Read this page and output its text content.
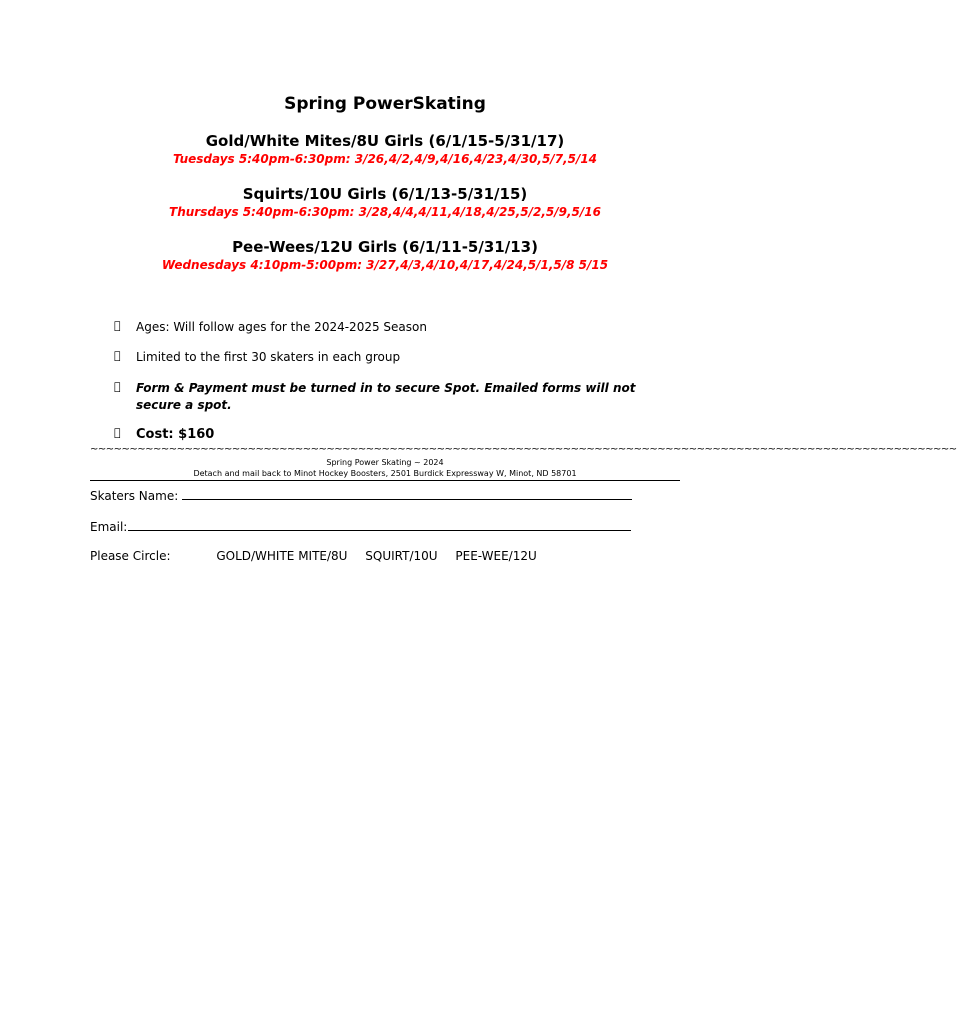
Spring PowerSkating
Gold/White Mites/8U Girls (6/1/15-5/31/17)
Tuesdays 5:40pm-6:30pm: 3/26,4/2,4/9,4/16,4/23,4/30,5/7,5/14
Squirts/10U Girls (6/1/13-5/31/15)
Thursdays 5:40pm-6:30pm: 3/28,4/4,4/11,4/18,4/25,5/2,5/9,5/16
Pee-Wees/12U Girls (6/1/11-5/31/13)
Wednesdays 4:10pm-5:00pm: 3/27,4/3,4/10,4/17,4/24,5/1,5/8 5/15
Ages: Will follow ages for the 2024-2025 Season
Limited to the first 30 skaters in each group
Form & Payment must be turned in to secure Spot. Emailed forms will not secure a spot.
Cost: $160
~~~~~~~~~~~~~~~~~~~~~~~~~~~~~~~~~~~~~~~~~~~~~~~~~~~~~~~~~~~~~~~~~~~~~~~~~~~~~~~~~~~~~~~~~~~~~~~~~~~~~~~~~~~~~~
Spring Power Skating ~ 2024
Detach and mail back to Minot Hockey Boosters, 2501 Burdick Expressway W, Minot, ND 58701
Skaters Name:
Email:
Please Circle:	GOLD/WHITE MITE/8U SQUIRT/10U PEE-WEE/12U
